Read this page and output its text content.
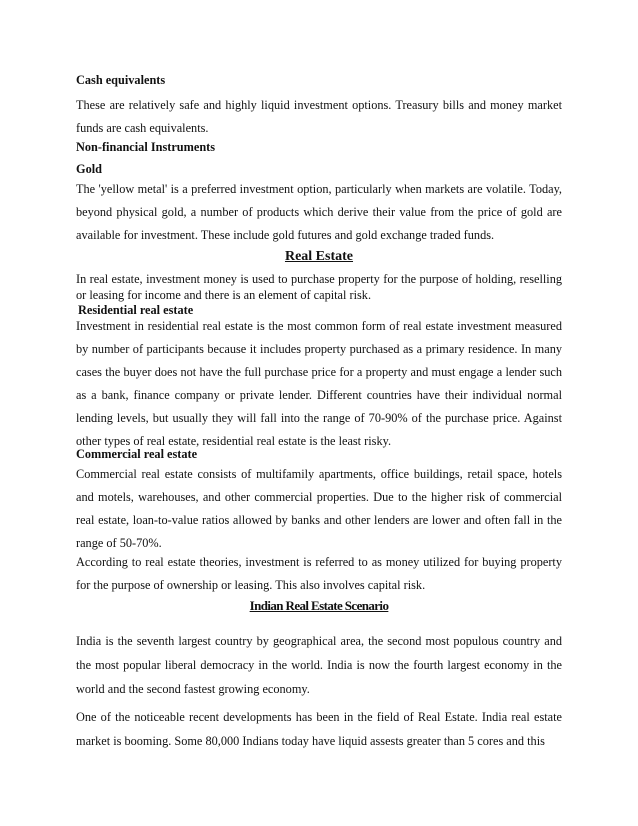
Cash equivalents
These are relatively safe and highly liquid investment options. Treasury bills and money market funds are cash equivalents.
Non-financial Instruments
Gold
The 'yellow metal' is a preferred investment option, particularly when markets are volatile. Today, beyond physical gold, a number of products which derive their value from the price of gold are available for investment. These include gold futures and gold exchange traded funds.
Real Estate
In real estate, investment money is used to purchase property for the purpose of holding, reselling or leasing for income and there is an element of capital risk.
Residential real estate
Investment in residential real estate is the most common form of real estate investment measured by number of participants because it includes property purchased as a primary residence. In many cases the buyer does not have the full purchase price for a property and must engage a lender such as a bank, finance company or private lender. Different countries have their individual normal lending levels, but usually they will fall into the range of 70-90% of the purchase price. Against other types of real estate, residential real estate is the least risky.
Commercial real estate
Commercial real estate consists of multifamily apartments, office buildings, retail space, hotels and motels, warehouses, and other commercial properties. Due to the higher risk of commercial real estate, loan-to-value ratios allowed by banks and other lenders are lower and often fall in the range of 50-70%.
According to real estate theories, investment is referred to as money utilized for buying property for the purpose of ownership or leasing. This also involves capital risk.
Indian Real Estate Scenario
India is the seventh largest country by geographical area, the second most populous country and the most popular liberal democracy in the world. India is now the fourth largest economy in the world and the second fastest growing economy.
One of the noticeable recent developments has been in the field of Real Estate. India real estate market is booming. Some 80,000 Indians today have liquid assests greater than 5 cores and this
